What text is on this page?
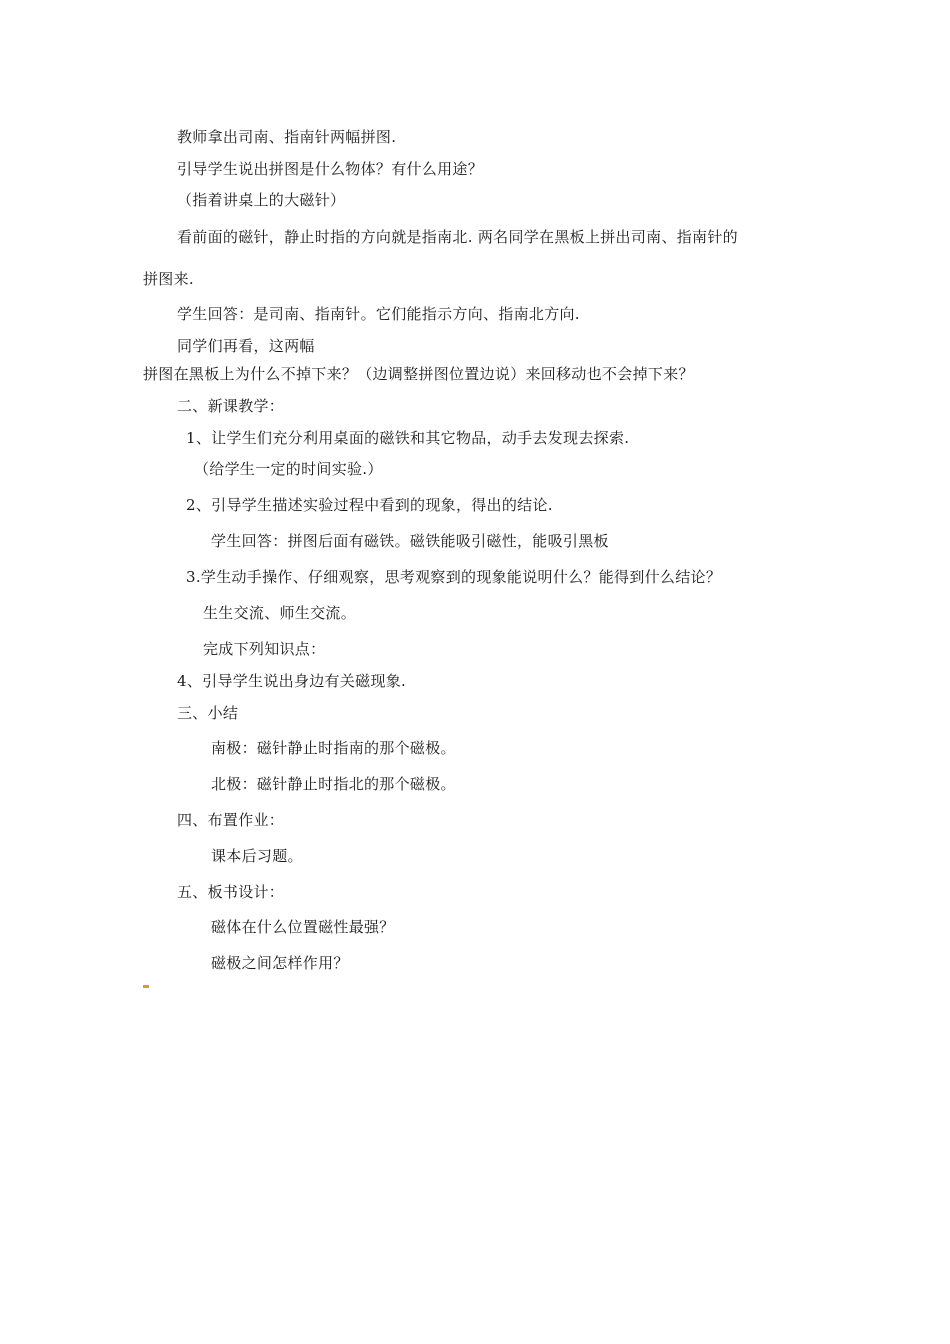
教师拿出司南、指南针两幅拼图.
引导学生说出拼图是什么物体？有什么用途？
（指着讲桌上的大磁针）
看前面的磁针，静止时指的方向就是指南北. 两名同学在黑板上拼出司南、指南针的
拼图来.
学生回答：是司南、指南针。它们能指示方向、指南北方向.
同学们再看，这两幅
拼图在黑板上为什么不掉下来？（边调整拼图位置边说）来回移动也不会掉下来？
二、新课教学：
1、让学生们充分利用桌面的磁铁和其它物品，动手去发现去探索.
（给学生一定的时间实验.）
2、引导学生描述实验过程中看到的现象，得出的结论.
学生回答：拼图后面有磁铁。磁铁能吸引磁性，能吸引黑板
3.学生动手操作、仔细观察，思考观察到的现象能说明什么？能得到什么结论？
生生交流、师生交流。
完成下列知识点：
4、引导学生说出身边有关磁现象.
三、小结
南极：磁针静止时指南的那个磁极。
北极：磁针静止时指北的那个磁极。
四、布置作业：
课本后习题。
五、板书设计：
磁体在什么位置磁性最强？
磁极之间怎样作用？
